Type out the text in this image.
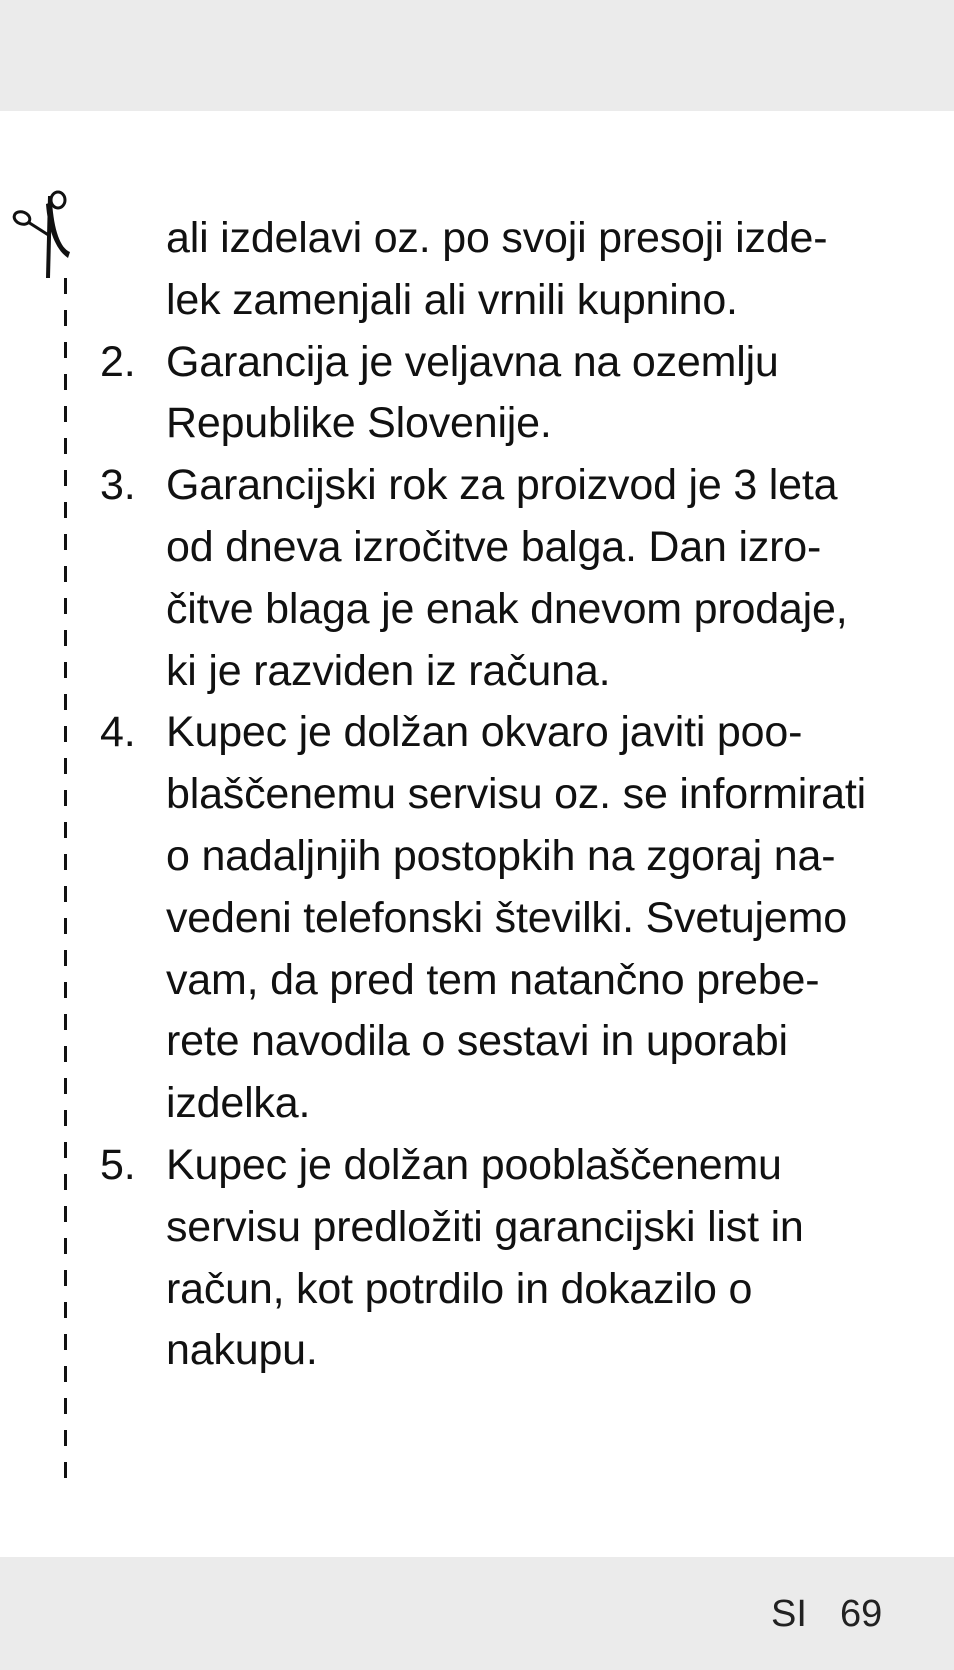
ali izdelavi oz. po svoji presoji izde-
lek zamenjali ali vrnili kupnino.
2. Garancija je veljavna na ozemlju
Republike Slovenije.
3. Garancijski rok za proizvod je 3 leta
od dneva izročitve balga. Dan izro-
čitve blaga je enak dnevom prodaje,
ki je razviden iz računa.
4. Kupec je dolžan okvaro javiti poo-
blaščenemu servisu oz. se informirati
o nadaljnjih postopkih na zgoraj na-
vedeni telefonski številki. Svetujemo
vam, da pred tem natančno prebe-
rete navodila o sestavi in uporabi
izdelka.
5. Kupec je dolžan pooblaščenemu
servisu predložiti garancijski list in
račun, kot potrdilo in dokazilo o
nakupu.
SI 69
